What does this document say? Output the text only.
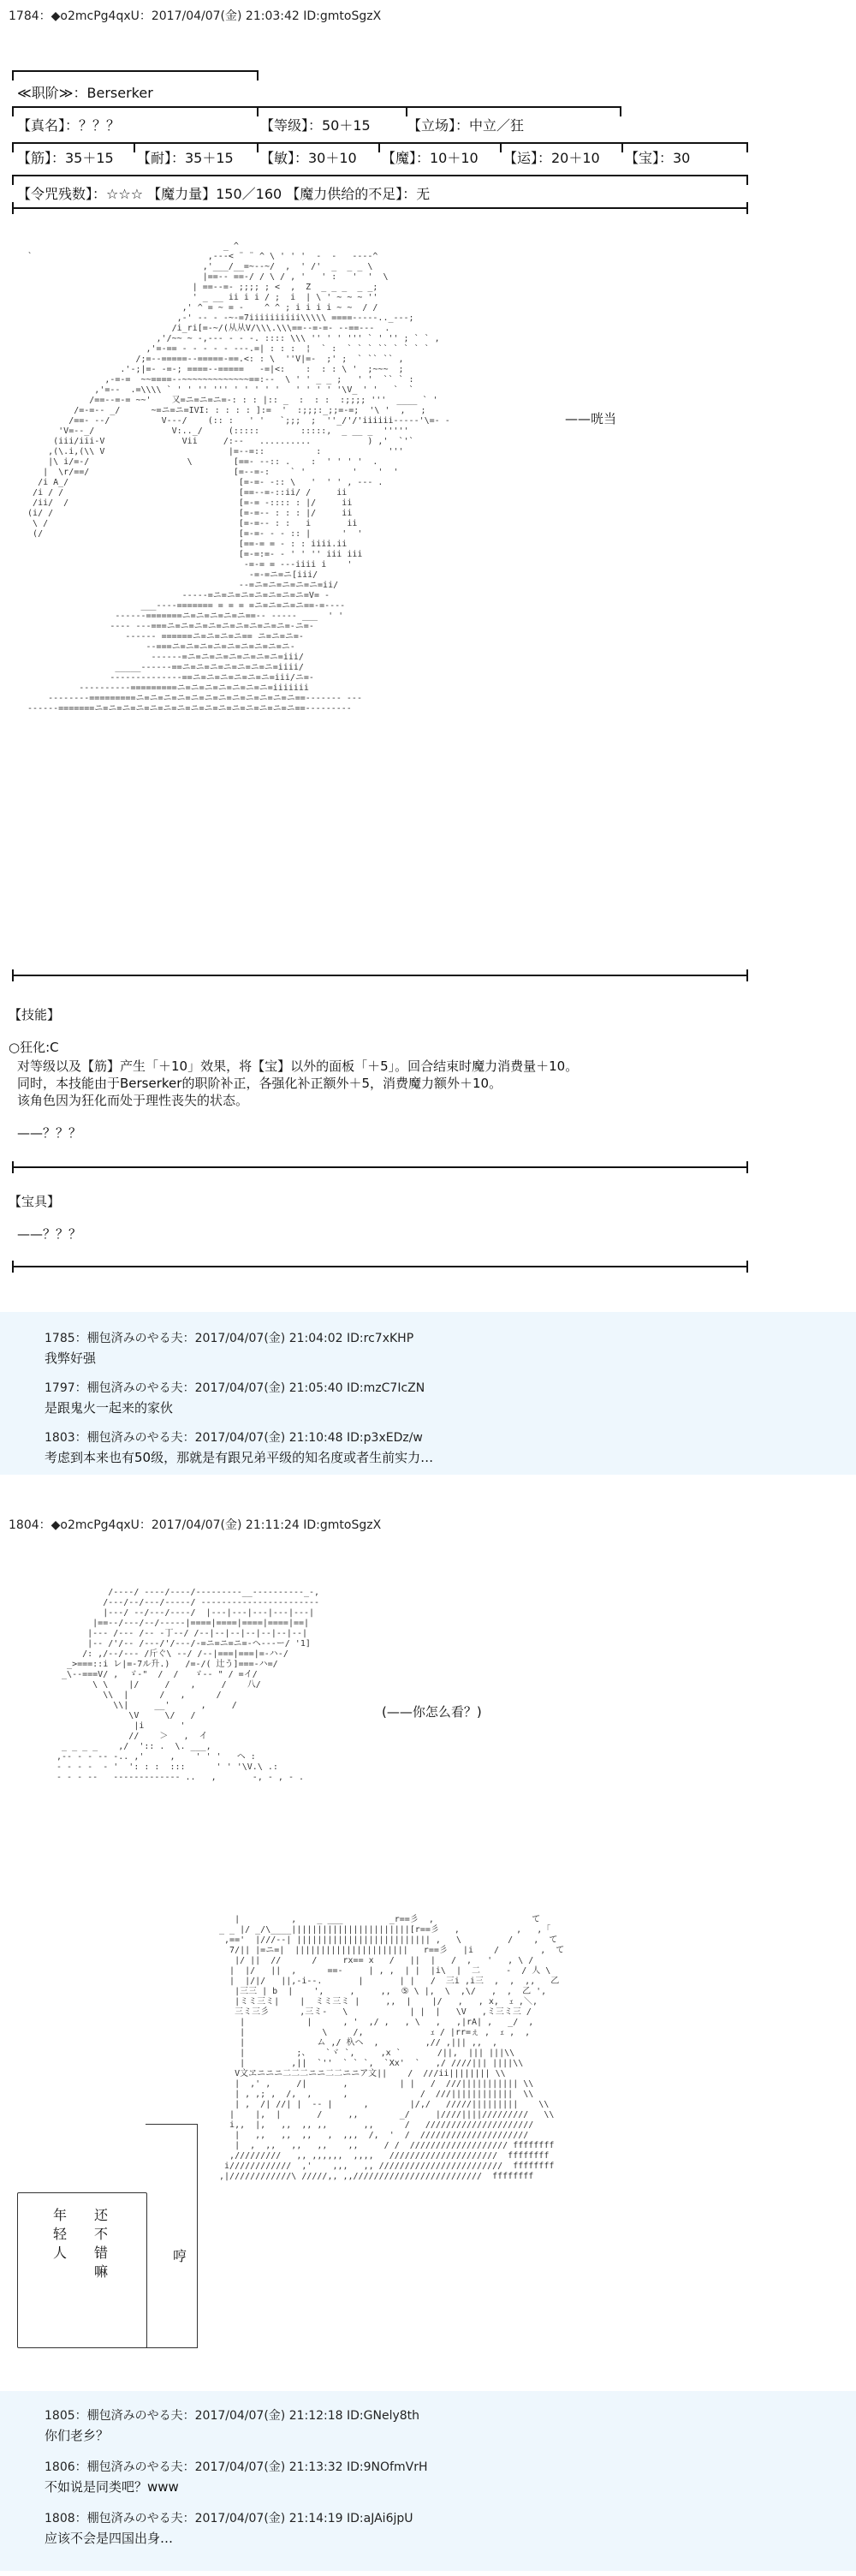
1784：◆o2mcPg4qxU：2017/04/07(金) 21:03:42 ID:gmtoSgzX
≪职阶≫：Berserker
【真名】：？？？	【等级】：50＋15	【立场】：中立／狂
【筋】：35＋15 【耐】：35＋15 【敏】：30＋10 【魔】：10＋10 【运】：20＋10 【宝】：30
【令咒残数】：☆☆☆ 【魔力量】150／160 【魔力供给的不足】：无

_ ^
`                                  ,---< ¨ ¨ ^ \ ' ' '  -  -   ----^
,'___/__=~--~/  ,  ' /'  _  _ _ \
|==-- ==-/ / \ / , '   ' :   '  '  \
| ==--=- ;;;; ; <  ,  Z  _ _ _  _ _;
' _ __ ii i i / ;  i  | \ ' ~ ~ ~ ''
,' ^ = ~ = -    ^ ^ ; i i i i ~ ~  / /
,-' -- - -~-=7iiiiiiiiii\\\\\ ====-----.._---;
/i_ri[=-~/(从从V/\\\.\\\==--=-=- --==---  .
,'/~~ ~ -,--- - - -. :::: \\\ '' ' ' ''' ` ' '' ; ` ` ,
,'=-== - - - - - ---.=| : : :  ¦  ` :  ` ` ` `` ` ` ` `
/;=--=====--=====-==.<: : \  ''V|=-  ;' ;  ` `` `` ,
.'-;|=- -=-; ====--=====   -=|<:    :  : : \ '  ;~~~  ;
,-=-=  ~~====--~~~~~~~~~~~~~==:--  \ ' ' _ _ ;   ' '  `` ` :
,'=--  .=\\\\ ` ' ' '' ''' ' ' ' ' '   ' ' ' ' '\V_ ' '   `  `
/==--=-= ~~'    又=ニ=ニ=ニ=-: : : |:: _  :  : :  :;;;; '''  ____ ` '
/=-=-- _/      ~=ニ=ニ=IVI: : : : : ]:=  '  :;;;:_;;=-=;  '\ '  ,   ;
/==- --/          V---/    (:: :   ' '   `;;;  ;  ''_/'/'iiiiii-----'\=- -
'V=--_/               V:.._/     (:::::        :::::,  _ __ _  '''''
(iii/iii-V               Vii     /:--   ..........           ) ,'  `'`
,(\.i,(\\ V                        |=--=::          :             '''
|\ i/=-/                   \        [==- --:: .    :  ' ' ' '  .
|  \r/==/                            [=--=-:    ` '         '    '  '
/i A_/                                 [=-=- -:: \   '  ' ' , --- .
/i / /                                  [==--=-::ii/ /     ii
/ii/  /                                 [=-= -:::: : |/     ii
(i/ /                                    [=-=-- : : : |/     ii
\ /                                     [=-=-- : :   i       ii
(/                                      [=-=- - - :: |      '  '
[==-= = - : : iiii.ii
[=-=:=- - ' ' '' iii iii
-=-= = ---iiii i    '
-=-=ニ=ニ[iii/
--=ニ=ニ=ニ=ニ=ニ=ii/
-----=ニ=ニ=ニ=ニ=ニ=ニ=ニ=V= -
___----======= = = = =ニ=ニ=ニ=ニ==-=----
------=======ニ=ニ=ニ=ニ=ニ==-- ----- ___  ' '
---- ---===ニ=ニ=ニ=ニ=ニ=ニ=ニ=ニ=ニ=-ニ=-
------ ======ニ=ニ=ニ=ニ== ニ=ニ=ニ=-
--===ニ=ニ=ニ=ニ=ニ=ニ=ニ=ニ=ニ-
------=ニ=ニ=ニ=ニ=ニ=ニ=ニ=iii/
_____------==ニ=ニ=ニ=ニ=ニ=ニ=ニ=iiii/
--------------==ニ=ニ=ニ=ニ=ニ=ニ=iii/ニ=-
----------=========ニ=ニ=ニ=ニ=ニ=ニ=ニ=iiiiiii
--------=========ニ=ニ=ニ=ニ=ニ=ニ=ニ=ニ=ニ=ニ=ニ=ニ==------- ---
------=======ニ=ニ=ニ=ニ=ニ=ニ=ニ=ニ=ニ=ニ=ニ=ニ=ニ=ニ=ニ==---------

——咣当
【技能】
○狂化:C
对等级以及【筋】产生「＋10」效果，将【宝】以外的面板「＋5」。回合结束时魔力消费量＋10。
同时，本技能由于Berserker的职阶补正，各强化补正额外＋5，消费魔力额外＋10。
该角色因为狂化而处于理性丧失的状态。
——？？？
【宝具】
——？？？

1785：棚包済みのやる夫：2017/04/07(金) 21:04:02 ID:rc7xKHP

我弊好强

1797：棚包済みのやる夫：2017/04/07(金) 21:05:40 ID:mzC7IcZN

是跟鬼火一起来的家伙

1803：棚包済みのやる夫：2017/04/07(金) 21:10:48 ID:p3xEDz/w

考虑到本来也有50级，那就是有跟兄弟平级的知名度或者生前实力…

1804：◆o2mcPg4qxU：2017/04/07(金) 21:11:24 ID:gmtoSgzX

/----/ ----/----/---------__----------_-,
/---/--/---/-----/ -----------------------
|---/ --/---/----/  |---|---|---|---|---|
|==--/---/--/-----|====|====|====|====|==|
|--- /--- /-- -丁--/ /--|--|--|--|--|--|--|
|-- /'/-- /---/'/---/-=ニ=ニ=ニ=-ヘ---ー/ '1]
/: ,/--/--- /斤ぐ\ --/ /--|===|===|=-ハ-/
_>===::i レ|=-7ル升.)   /=-/( 辻う]===-ハ=/
_\--===V/ ,  ゞ-"  /  /   ゞ-- " / =イ/
\ \    |/     /    ,     /    八/
\\  |      /   ,      /
\\|     __'      ,     /
\V     \/   /
|i       '
//    ＞   ,  イ
_ _ _ _    ,/  ':: .  \. ___,
,-- - - -- -.. ,'     ,    ' ' '   ヘ :
- - - -  - '  ': : :  :::      ' ' '\V.\ .:
- - - --   ------------- ..   ,       -, - , - .

(——你怎么看？)

|          ,    _ ___         _r==彡  ,                   て
_ _ |/ _/\____|||||||||||||||||||||||[r==彡   ,           ,   ,「
,=='  |///--| |||||||||||||||||||||||||| ,   \         /    ,  て
7/|| |=ニ=|  ||||||||||||||||||||||   r==彡   |i    /        ,  て
|/ ||  //      /     rx== x   /   ||  |   /  ,   '   , \ /
|  |/   ||  ,      ==-     | , ,  | |  |i\  |  二     -  / 人 \
|  |/|/   ||,-i--.       |       | |   /  三i ,i三  ,  ,  ,,   乙
|三三 | b  |    ',     ,     ,,  ⑤ \ |,  \  ,\/   ,  ,  乙 ',
|ミミ三ミ|    |  ミミ三ミ |     ,,  |    |/   ,   , x,  ｪ ,＼,
三ミ三彡      ,三ミ-   \            | |  |   \V   ,ミ三ミ三 /
|            |      , '  ,/ ,   , \   ,   ,|rA| ,   _/  ,
|               \     /,             ｪ / |rr=ぇ ,  ｪ ,  ,
|              ム ,/ 杁ヘ  ,         ,// ,||| ,,  ,
|          ;、   `ヾ `,     ,x `       /||,  ||| |||\\
|         ,||  `''  ` ` `,  `Xx'  `   ,/ ////||| ||||\\
V文ヱニニニ二二二ニニ二二ニニア文||    /  ///ii|||||||| \\
|  ,' ,     /|       ,          | |   /  ///||||||||||| \\
| , ,; ,  /,  ,      ,              /  ///||||||||||||  \\
| ,  /| //| |  -- |      ,        |/,/   /////|||||||||    \\
|    |,  |       /     ,,        _/     |////||||/////////   \\
i,,  |,   ,,  ,, ,,       ,,      /   /////////////////////
|   ,,   ,,  ,,   ,  ,,,  /,  '  /  /////////////////////
|  ,  ,,   ,,   ,,    ,,     / /  /////////////////// ffffffff
,/////////   ,, ,,,,,,  ,,,,   /////////////////////  ffffffff
i////////////  ,'    ,,,   ,, ////////////////////////  ffffffff
,|////////////\ /////,, ,,/////////////////////////  ffffffff

年
轻
人
还
不
错
嘛
哼

1805：棚包済みのやる夫：2017/04/07(金) 21:12:18 ID:GNely8th

你们老乡？

1806：棚包済みのやる夫：2017/04/07(金) 21:13:32 ID:9NOfmVrH

不如说是同类吧？www

1808：棚包済みのやる夫：2017/04/07(金) 21:14:19 ID:aJAi6jpU

应该不会是四国出身…
